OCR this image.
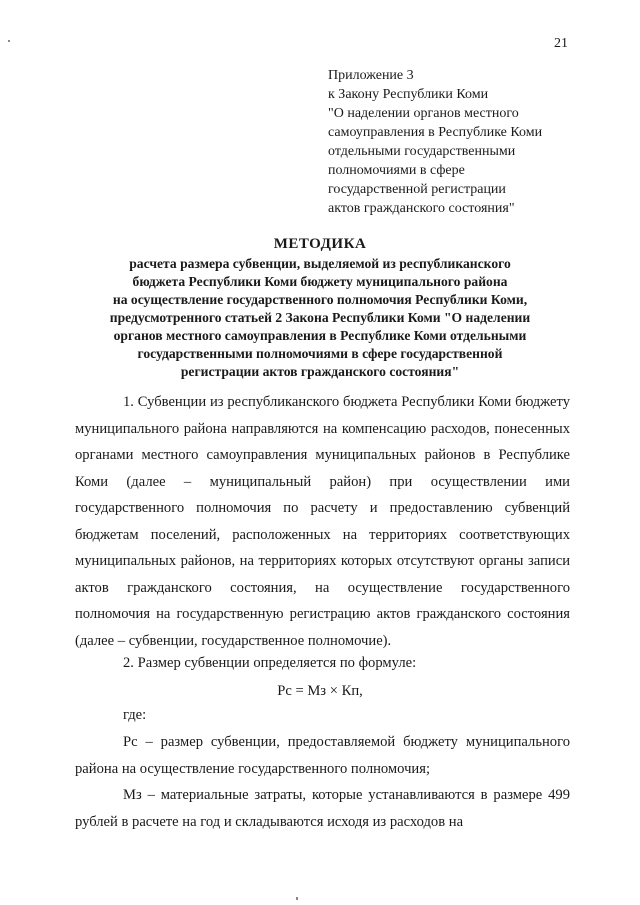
21
Приложение 3
к Закону Республики Коми
"О наделении органов местного
самоуправления в Республике Коми
отдельными государственными
полномочиями в сфере
государственной регистрации
актов гражданского состояния"
МЕТОДИКА
расчета размера субвенции, выделяемой из республиканского
бюджета Республики Коми бюджету муниципального района
на осуществление государственного полномочия Республики Коми,
предусмотренного статьей 2 Закона Республики Коми "О наделении
органов местного самоуправления в Республике Коми отдельными
государственными полномочиями в сфере государственной
регистрации актов гражданского состояния"
1. Субвенции из республиканского бюджета Республики Коми бюджету муниципального района направляются на компенсацию расходов, понесенных органами местного самоуправления муниципальных районов в Республике Коми (далее – муниципальный район) при осуществлении ими государственного полномочия по расчету и предоставлению субвенций бюджетам поселений, расположенных на территориях соответствующих муниципальных районов, на территориях которых отсутствуют органы записи актов гражданского состояния, на осуществление государственного полномочия на государственную регистрацию актов гражданского состояния (далее – субвенции, государственное полномочие).
2. Размер субвенции определяется по формуле:
Рс = Мз × Кп,
где:
Рс – размер субвенции, предоставляемой бюджету муниципального района на осуществление государственного полномочия;
Мз – материальные затраты, которые устанавливаются в размере 499 рублей в расчете на год и складываются исходя из расходов на
